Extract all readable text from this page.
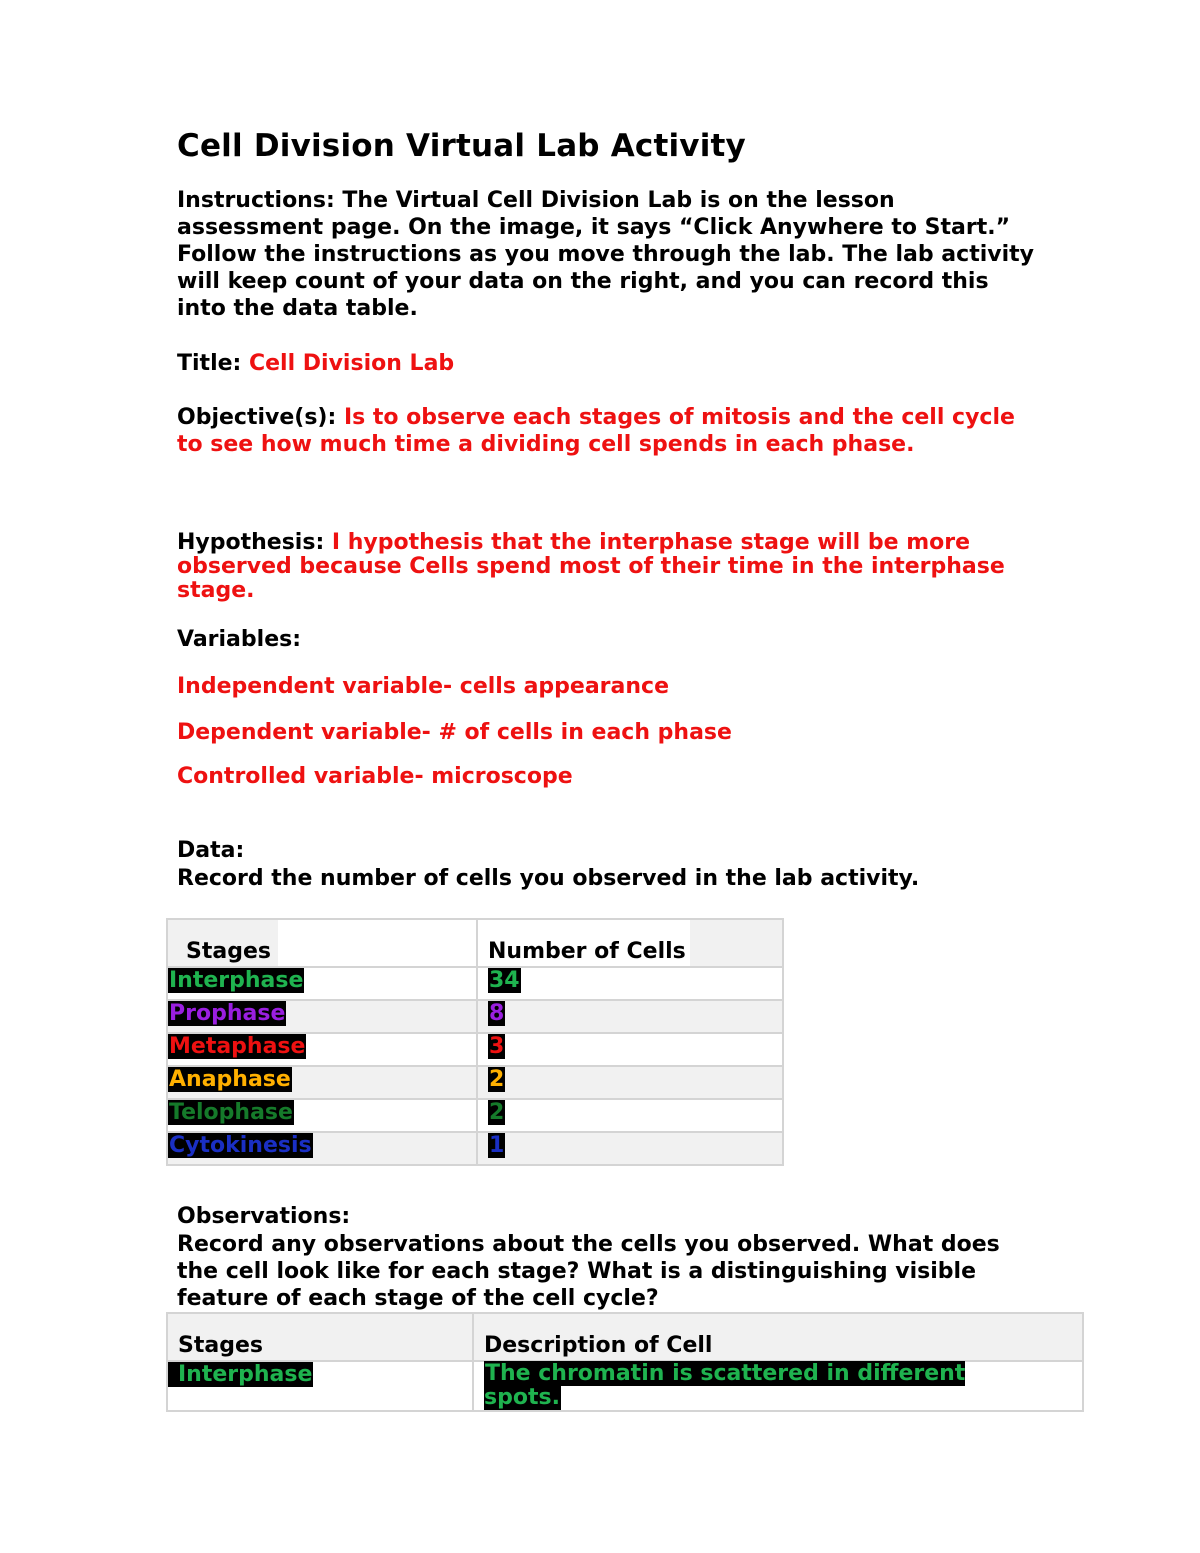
Cell Division Virtual Lab Activity

Instructions: The Virtual Cell Division Lab is on the lesson assessment page. On the image, it says “Click Anywhere to Start.” Follow the instructions as you move through the lab. The lab activity will keep count of your data on the right, and you can record this into the data table.

Title: Cell Division Lab

Objective(s): Is to observe each stages of mitosis and the cell cycle to see how much time a dividing cell spends in each phase.

Hypothesis: I hypothesis that the interphase stage will be more observed because Cells spend most of their time in the interphase stage.

Variables:

Independent variable- cells appearance

Dependent variable- # of cells in each phase

Controlled variable- microscope

Data:

Record the number of cells you observed in the lab activity.

Stages	Number of Cells
Interphase	34
Prophase	8
Metaphase	3
Anaphase	2
Telophase	2
Cytokinesis	1

Observations:

Record any observations about the cells you observed. What does the cell look like for each stage? What is a distinguishing visible feature of each stage of the cell cycle?

Stages	Description of Cell
Interphase	The chromatin is scattered in different spots.
